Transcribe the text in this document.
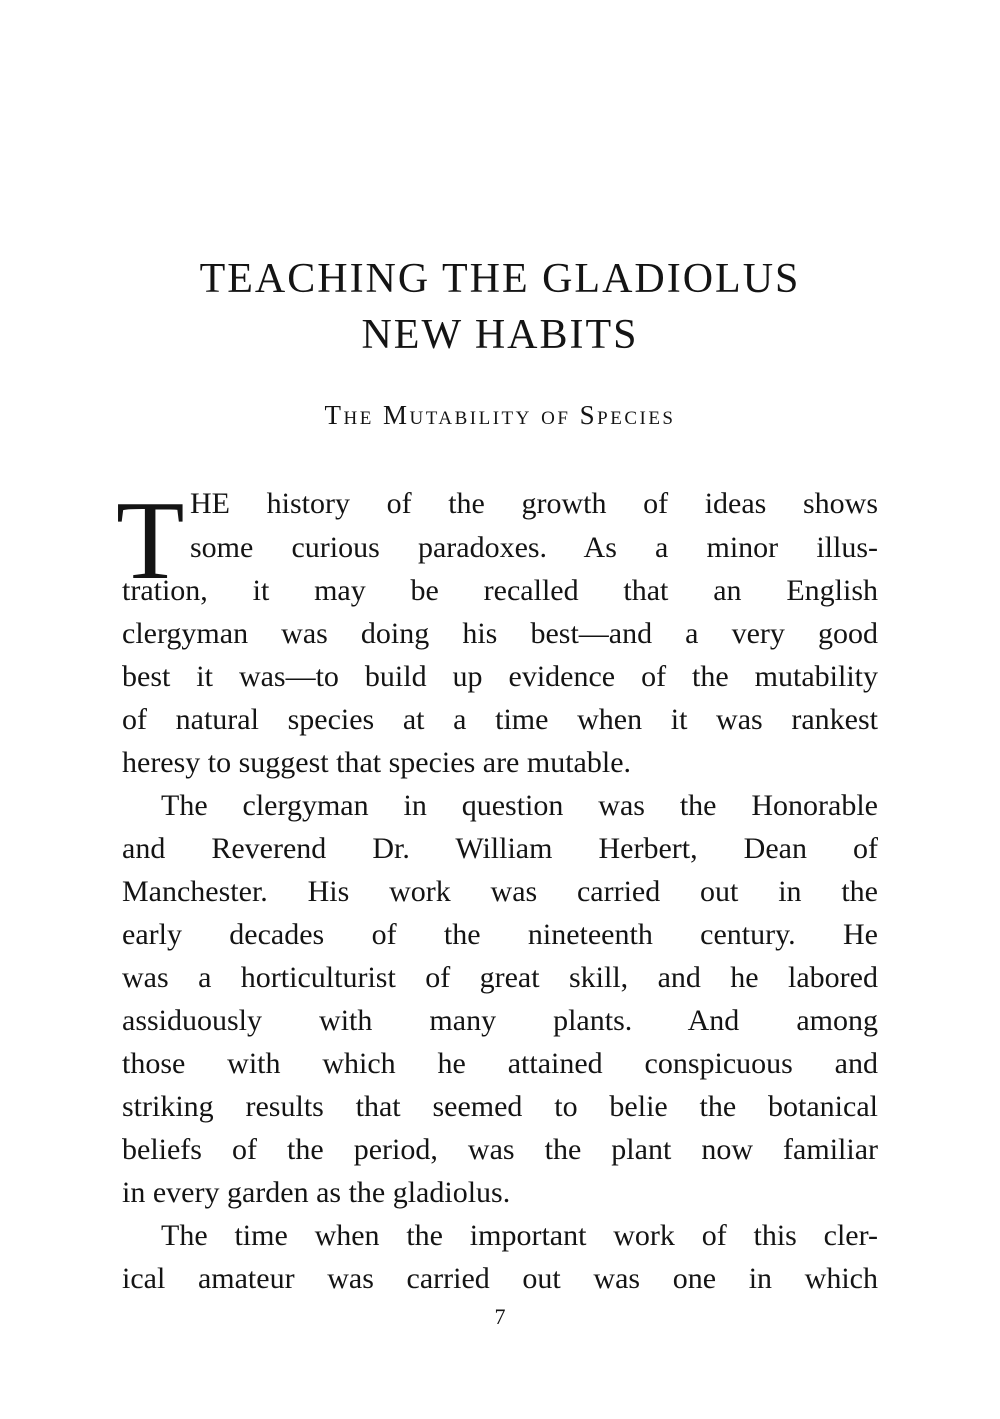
TEACHING THE GLADIOLUS
NEW HABITS
The Mutability of Species
T HE history of the growth of ideas shows
some curious paradoxes. As a minor illus-
tration, it may be recalled that an English
clergyman was doing his best—and a very good
best it was—to build up evidence of the mutability
of natural species at a time when it was rankest
heresy to suggest that species are mutable.
The clergyman in question was the Honorable
and Reverend Dr. William Herbert, Dean of
Manchester. His work was carried out in the
early decades of the nineteenth century. He
was a horticulturist of great skill, and he labored
assiduously with many plants. And among
those with which he attained conspicuous and
striking results that seemed to belie the botanical
beliefs of the period, was the plant now familiar
in every garden as the gladiolus.
The time when the important work of this cler-
ical amateur was carried out was one in which
7
